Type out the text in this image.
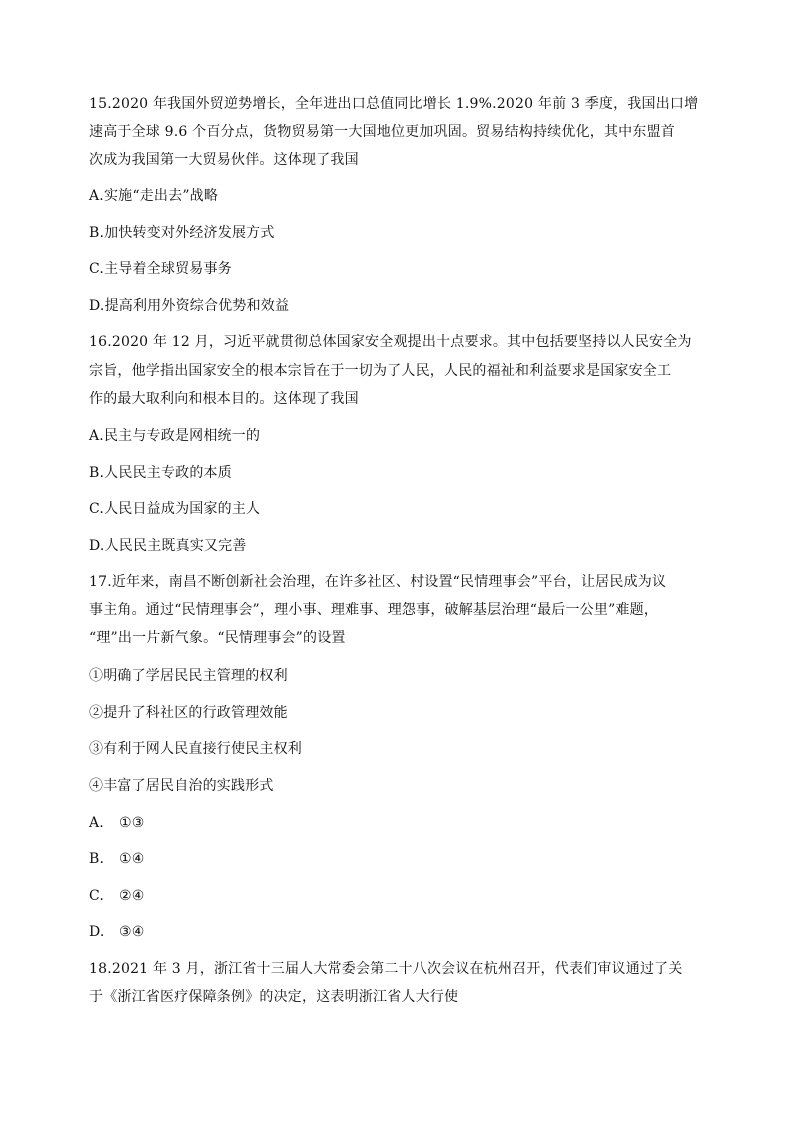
15.2020 年我国外贸逆势增长，全年进出口总值同比增长 1.9%.2020 年前 3 季度，我国出口增
速高于全球 9.6 个百分点，货物贸易第一大国地位更加巩固。贸易结构持续优化，其中东盟首
次成为我国第一大贸易伙伴。这体现了我国
A.实施“走出去”战略
B.加快转变对外经济发展方式
C.主导着全球贸易事务
D.提高利用外资综合优势和效益
16.2020 年 12 月，习近平就贯彻总体国家安全观提出十点要求。其中包括要坚持以人民安全为
宗旨，他学指出国家安全的根本宗旨在于一切为了人民，人民的福祉和利益要求是国家安全工
作的最大取利向和根本目的。这体现了我国
A.民主与专政是网相统一的
B.人民民主专政的本质
C.人民日益成为国家的主人
D.人民民主既真实又完善
17.近年来，南昌不断创新社会治理，在许多社区、村设置“民情理事会”平台，让居民成为议
事主角。通过“民情理事会”，理小事、理难事、理怨事，破解基层治理“最后一公里”难题，
“理”出一片新气象。“民情理事会”的设置
①明确了学居民民主管理的权利
②提升了科社区的行政管理效能
③有利于网人民直接行使民主权利
④丰富了居民自治的实践形式
A. ①③
B. ①④
C. ②④
D. ③④
18.2021 年 3 月，浙江省十三届人大常委会第二十八次会议在杭州召开，代表们审议通过了关
于《浙江省医疗保障条例》的决定，这表明浙江省人大行使
